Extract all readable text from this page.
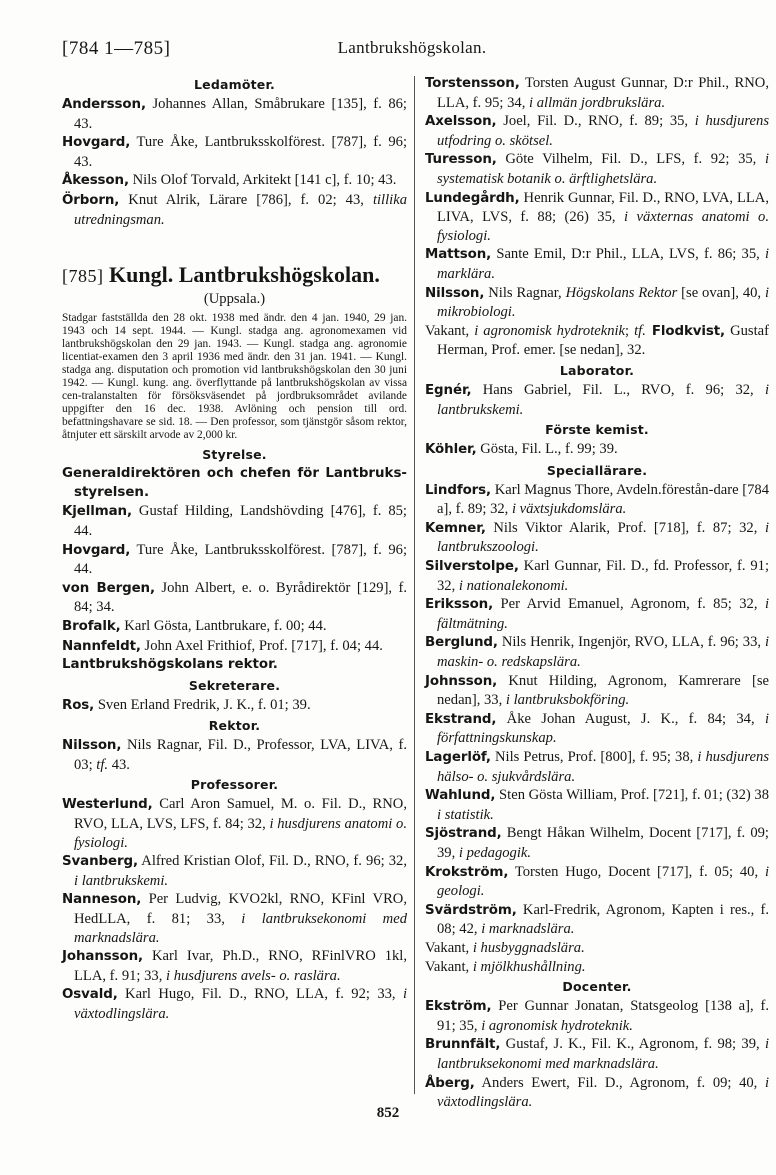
[784 1—785]	Lantbrukshögskolan.
Ledamöter.

Andersson, Johannes Allan, Småbrukare [135], f. 86; 43.

Hovgard, Ture Åke, Lantbruksskolförest. [787], f. 96; 43.

Åkesson, Nils Olof Torvald, Arkitekt [141 c], f. 10; 43.

Örborn, Knut Alrik, Lärare [786], f. 02; 43, tillika utredningsman.

[785] Kungl. Lantbrukshögskolan.
(Uppsala.)
Stadgar fastställda den 28 okt. 1938 med ändr. den 4 jan. 1940, 29 jan. 1943 och 14 sept. 1944. — Kungl. stadga ang. agronomexamen vid lantbrukshögskolan den 29 jan. 1943. — Kungl. stadga ang. agronomie licentiat-examen den 3 april 1936 med ändr. den 31 jan. 1941. — Kungl. stadga ang. disputation och promotion vid lantbrukshögskolan den 30 juni 1942. — Kungl. kung. ang. överflyttande på lantbrukshögskolan av vissa cen-tralanstalten för försöksväsendet på jordbruksområdet avilande uppgifter den 16 dec. 1938. Avlöning och pension till ord. befattningshavare se sid. 18. — Den professor, som tjänstgör såsom rektor, åtnjuter ett särskilt arvode av 2,000 kr.
Styrelse.

Generaldirektören och chefen för Lantbruks-styrelsen.

Kjellman, Gustaf Hilding, Landshövding [476], f. 85; 44.

Hovgard, Ture Åke, Lantbruksskolförest. [787], f. 96; 44.

von Bergen, John Albert, e. o. Byrådirektör [129], f. 84; 34.

Brofalk, Karl Gösta, Lantbrukare, f. 00; 44.

Nannfeldt, John Axel Frithiof, Prof. [717], f. 04; 44.

Lantbrukshögskolans rektor.

Sekreterare.

Ros, Sven Erland Fredrik, J. K., f. 01; 39.

Rektor.

Nilsson, Nils Ragnar, Fil. D., Professor, LVA, LIVA, f. 03; tf. 43.

Professorer.

Westerlund, Carl Aron Samuel, M. o. Fil. D., RNO, RVO, LLA, LVS, LFS, f. 84; 32, i husdjurens anatomi o. fysiologi.

Svanberg, Alfred Kristian Olof, Fil. D., RNO, f. 96; 32, i lantbrukskemi.

Nanneson, Per Ludvig, KVO2kl, RNO, KFinl VRO, HedLLA, f. 81; 33, i lantbruksekonomi med marknadslära.

Johansson, Karl Ivar, Ph.D., RNO, RFinlVRO 1kl, LLA, f. 91; 33, i husdjurens avels- o. raslära.

Osvald, Karl Hugo, Fil. D., RNO, LLA, f. 92; 33, i växtodlingslära.

Torstensson, Torsten August Gunnar, D:r Phil., RNO, LLA, f. 95; 34, i allmän jordbrukslära.

Axelsson, Joel, Fil. D., RNO, f. 89; 35, i husdjurens utfodring o. skötsel.

Turesson, Göte Vilhelm, Fil. D., LFS, f. 92; 35, i systematisk botanik o. ärftlighetslära.

Lundegårdh, Henrik Gunnar, Fil. D., RNO, LVA, LLA, LIVA, LVS, f. 88; (26) 35, i växternas anatomi o. fysiologi.

Mattson, Sante Emil, D:r Phil., LLA, LVS, f. 86; 35, i marklära.

Nilsson, Nils Ragnar, Högskolans Rektor [se ovan], 40, i mikrobiologi.

Vakant, i agronomisk hydroteknik; tf. Flodkvist, Gustaf Herman, Prof. emer. [se nedan], 32.

Laborator.

Egnér, Hans Gabriel, Fil. L., RVO, f. 96; 32, i lantbrukskemi.

Förste kemist.

Köhler, Gösta, Fil. L., f. 99; 39.

Speciallärare.

Lindfors, Karl Magnus Thore, Avdeln.förestån-dare [784 a], f. 89; 32, i växtsjukdomslära.

Kemner, Nils Viktor Alarik, Prof. [718], f. 87; 32, i lantbrukszoologi.

Silverstolpe, Karl Gunnar, Fil. D., fd. Professor, f. 91; 32, i nationalekonomi.

Eriksson, Per Arvid Emanuel, Agronom, f. 85; 32, i fältmätning.

Berglund, Nils Henrik, Ingenjör, RVO, LLA, f. 96; 33, i maskin- o. redskapslära.

Johnsson, Knut Hilding, Agronom, Kamrerare [se nedan], 33, i lantbruksbokföring.

Ekstrand, Åke Johan August, J. K., f. 84; 34, i författningskunskap.

Lagerlöf, Nils Petrus, Prof. [800], f. 95; 38, i husdjurens hälso- o. sjukvårdslära.

Wahlund, Sten Gösta William, Prof. [721], f. 01; (32) 38 i statistik.

Sjöstrand, Bengt Håkan Wilhelm, Docent [717], f. 09; 39, i pedagogik.

Krokström, Torsten Hugo, Docent [717], f. 05; 40, i geologi.

Svärdström, Karl-Fredrik, Agronom, Kapten i res., f. 08; 42, i marknadslära.

Vakant, i husbyggnadslära.

Vakant, i mjölkhushållning.

Docenter.

Ekström, Per Gunnar Jonatan, Statsgeolog [138 a], f. 91; 35, i agronomisk hydroteknik.

Brunnfält, Gustaf, J. K., Fil. K., Agronom, f. 98; 39, i lantbruksekonomi med marknadslära.

Åberg, Anders Ewert, Fil. D., Agronom, f. 09; 40, i växtodlingslära.

852
